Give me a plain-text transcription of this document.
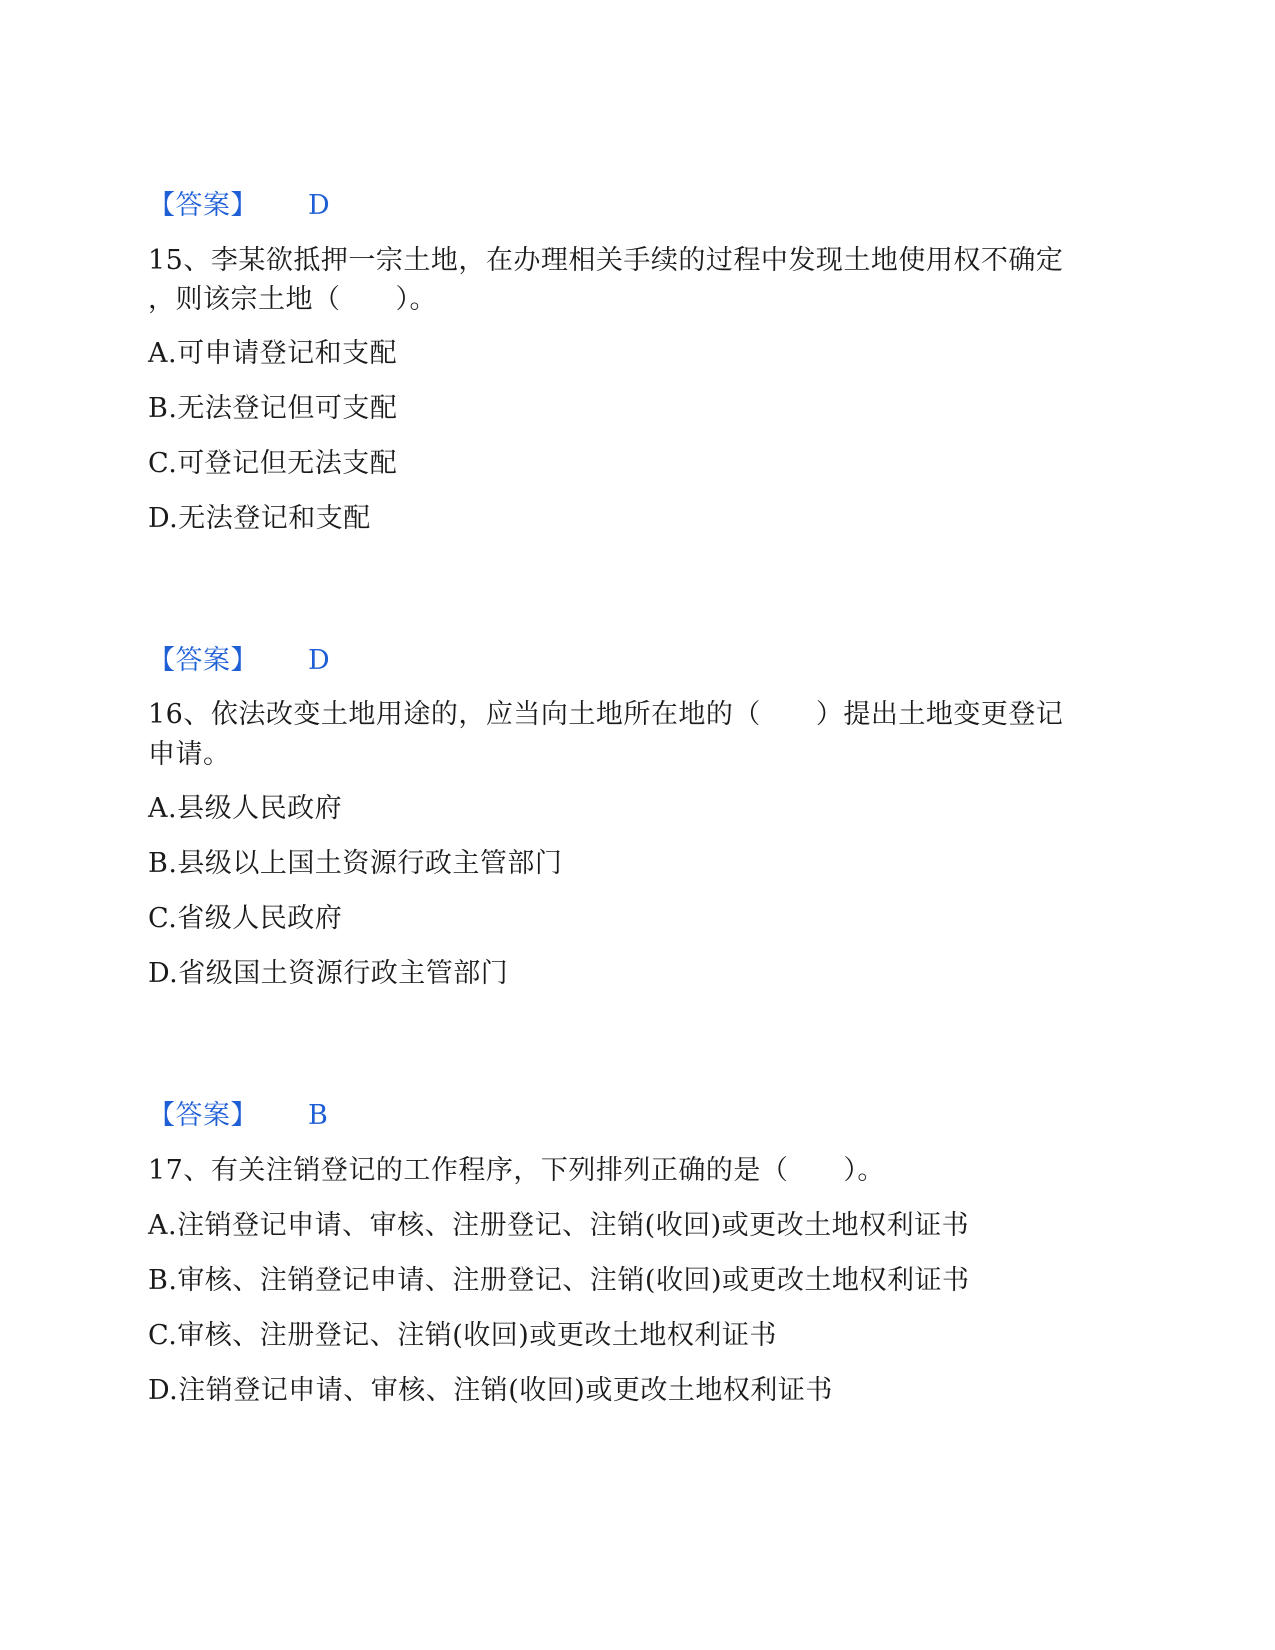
【答案】 D
15、李某欲抵押一宗土地，在办理相关手续的过程中发现土地使用权不确定
，则该宗土地（　　）。
A.可申请登记和支配
B.无法登记但可支配
C.可登记但无法支配
D.无法登记和支配
【答案】 D
16、依法改变土地用途的，应当向土地所在地的（　　）提出土地变更登记
申请。
A.县级人民政府
B.县级以上国土资源行政主管部门
C.省级人民政府
D.省级国土资源行政主管部门
【答案】 B
17、有关注销登记的工作程序，下列排列正确的是（　　）。
A.注销登记申请、审核、注册登记、注销(收回)或更改土地权利证书
B.审核、注销登记申请、注册登记、注销(收回)或更改土地权利证书
C.审核、注册登记、注销(收回)或更改土地权利证书
D.注销登记申请、审核、注销(收回)或更改土地权利证书
